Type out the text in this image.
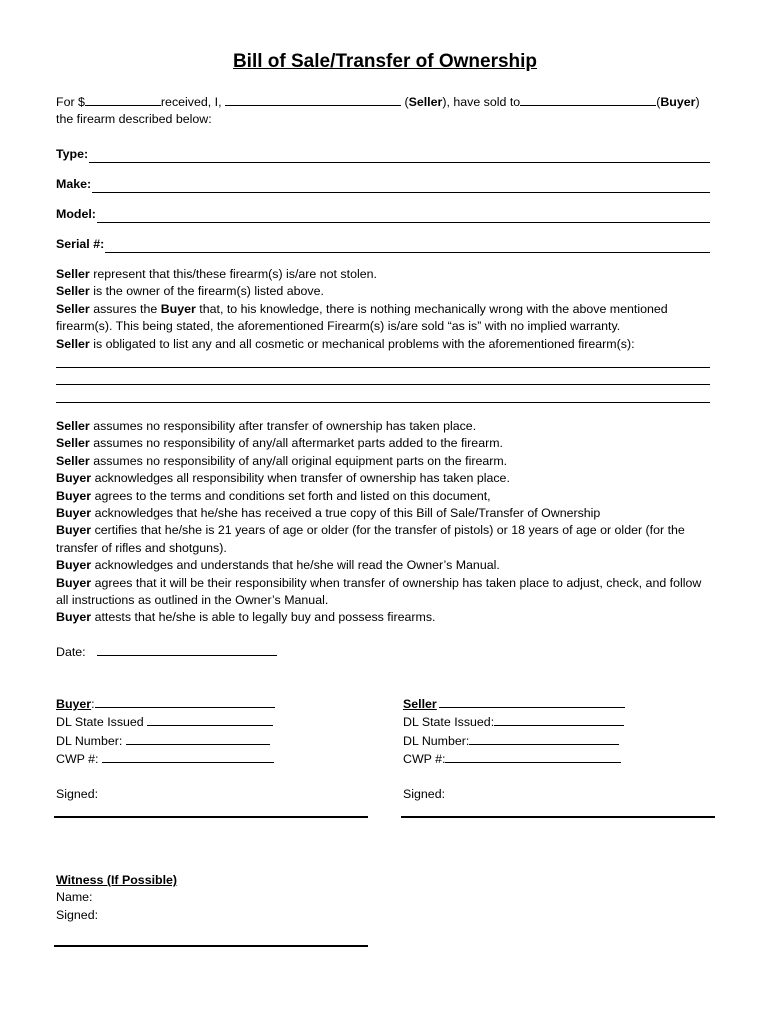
Bill of Sale/Transfer of Ownership
For $	received, I,	(Seller), have sold to	(Buyer)
the firearm described below:
Type:
Make:
Model:
Serial #:
Seller represent that this/these firearm(s) is/are not stolen.
Seller is the owner of the firearm(s) listed above.
Seller assures the Buyer that, to his knowledge, there is nothing mechanically wrong with the above mentioned firearm(s). This being stated, the aforementioned Firearm(s) is/are sold “as is” with no implied warranty.
Seller is obligated to list any and all cosmetic or mechanical problems with the aforementioned firearm(s):
Seller assumes no responsibility after transfer of ownership has taken place.
Seller assumes no responsibility of any/all aftermarket parts added to the firearm.
Seller assumes no responsibility of any/all original equipment parts on the firearm.
Buyer acknowledges all responsibility when transfer of ownership has taken place.
Buyer agrees to the terms and conditions set forth and listed on this document,
Buyer acknowledges that he/she has received a true copy of this Bill of Sale/Transfer of Ownership
Buyer certifies that he/she is 21 years of age or older (for the transfer of pistols) or 18 years of age or older (for the transfer of rifles and shotguns).
Buyer acknowledges and understands that he/she will read the Owner’s Manual.
Buyer agrees that it will be their responsibility when transfer of ownership has taken place to adjust, check, and follow all instructions as outlined in the Owner’s Manual.
Buyer attests that he/she is able to legally buy and possess firearms.
Date:
Buyer:
DL State Issued
DL Number:
CWP #:
Signed:
Seller
DL State Issued:
DL Number:
CWP #:
Signed:
Witness (If Possible)
Name:
Signed:
